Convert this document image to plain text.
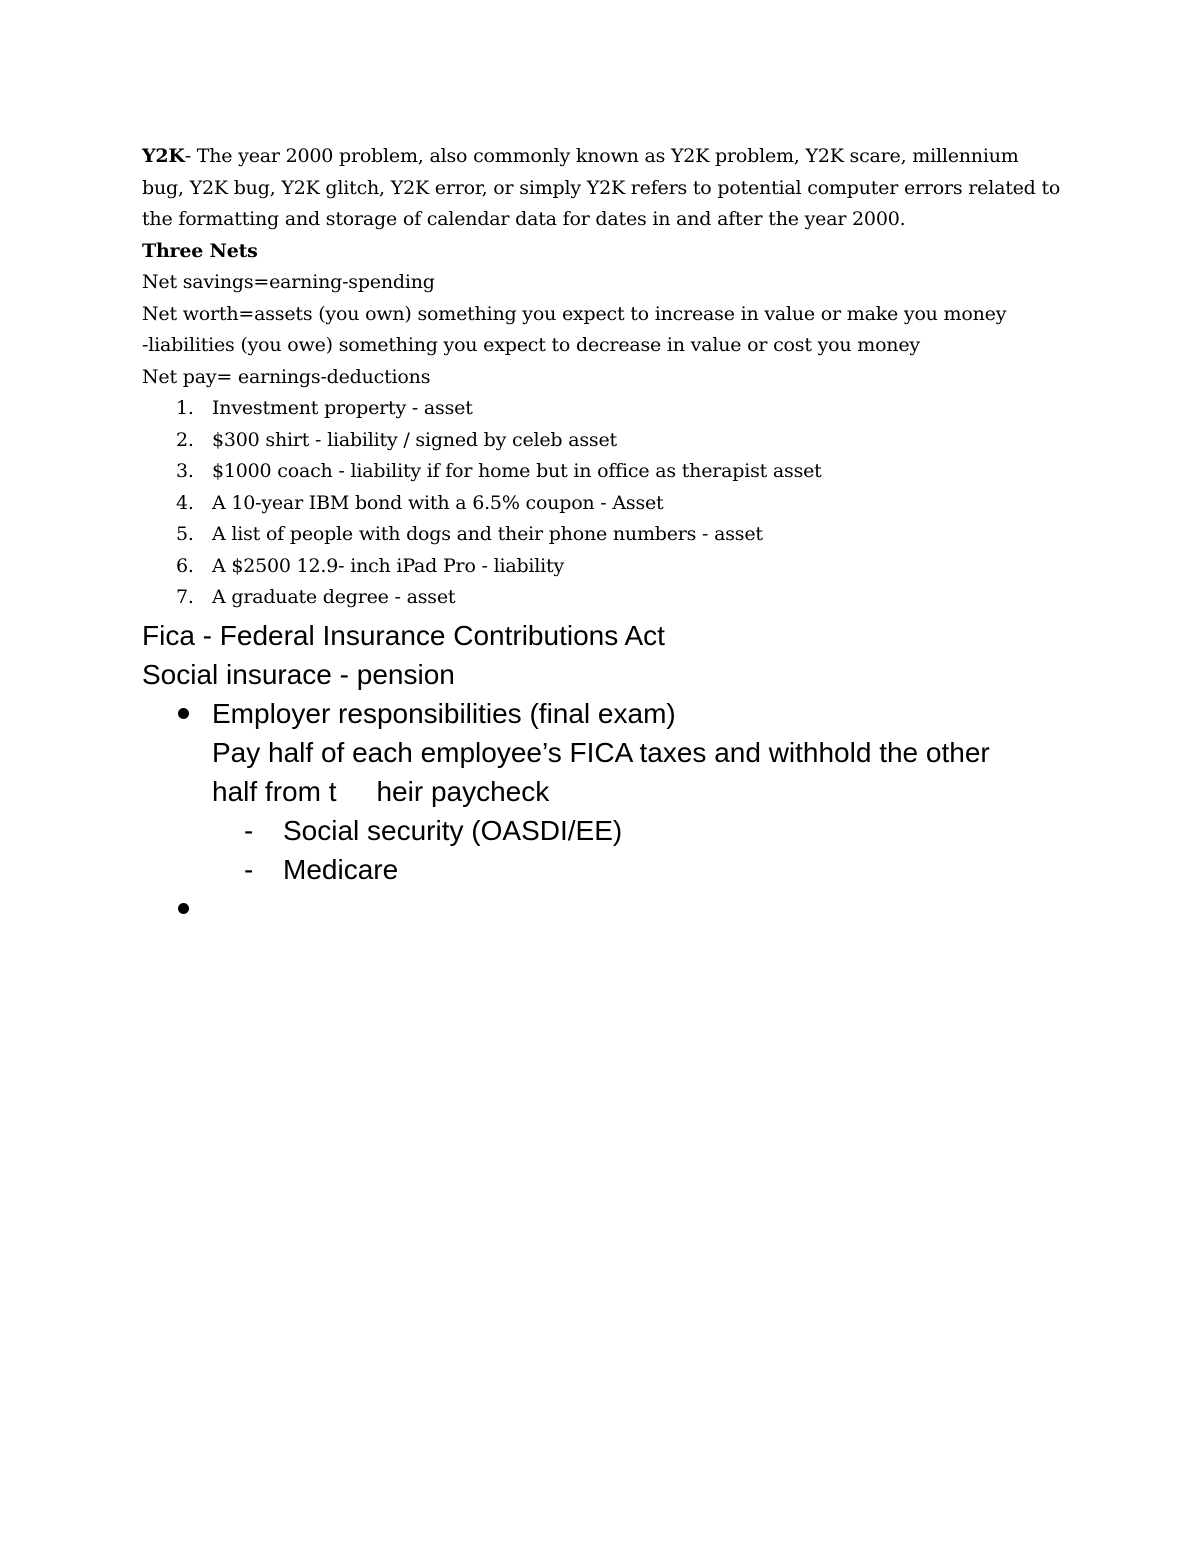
Y2K- The year 2000 problem, also commonly known as Y2K problem, Y2K scare, millennium bug, Y2K bug, Y2K glitch, Y2K error, or simply Y2K refers to potential computer errors related to the formatting and storage of calendar data for dates in and after the year 2000.

Three Nets

Net savings=earning-spending

Net worth=assets (you own) something you expect to increase in value or make you money

-liabilities (you owe) something you expect to decrease in value or cost you money

Net pay= earnings-deductions

1. Investment property - asset
2. $300 shirt - liability / signed by celeb asset
3. $1000 coach - liability if for home but in office as therapist asset
4. A 10-year IBM bond with a 6.5% coupon - Asset
5. A list of people with dogs and their phone numbers - asset
6. A $2500 12.9- inch iPad Pro - liability
7. A graduate degree - asset

Fica - Federal Insurance Contributions Act

Social insurace - pension

Employer responsibilities (final exam)

Pay half of each employee’s FICA taxes and withhold the other

half from t heir paycheck

- Social security (OASDI/EE)
- Medicare
